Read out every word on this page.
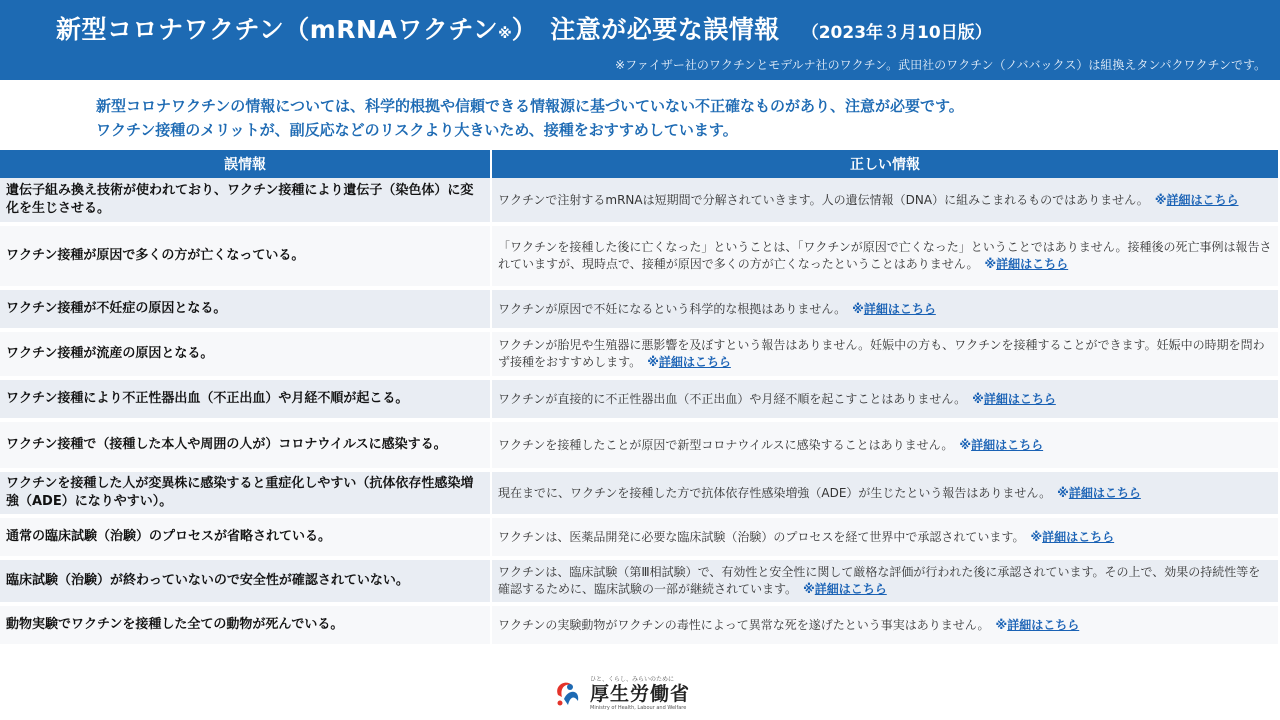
新型コロナワクチン（mRNAワクチン ※ ）　注意が必要な誤情報 （2023年３月10日版）
※ファイザー社のワクチンとモデルナ社のワクチン。武田社のワクチン（ノババックス）は組換えタンパクワクチンです。
新型コロナワクチンの情報については、科学的根拠や信頼できる情報源に基づいていない不正確なものがあり、注意が必要です。
ワクチン接種のメリットが、副反応などのリスクより大きいため、接種をおすすめしています。
誤情報	正しい情報
遺伝子組み換え技術が使われており、ワクチン接種により遺伝子（染色体）に変化を生じさせる。	ワクチンで注射するmRNAは短期間で分解されていきます。人の遺伝情報（DNA）に組みこまれるものではありません。　 ※詳細はこちら
ワクチン接種が原因で多くの方が亡くなっている。	「ワクチンを接種した後に亡くなった」ということは、「ワクチンが原因で亡くなった」ということではありません。接種後の死亡事例は報告されていますが、現時点で、接種が原因で多くの方が亡くなったということはありません。　 ※詳細はこちら
ワクチン接種が不妊症の原因となる。	ワクチンが原因で不妊になるという科学的な根拠はありません。　 ※詳細はこちら
ワクチン接種が流産の原因となる。	ワクチンが胎児や生殖器に悪影響を及ぼすという報告はありません。妊娠中の方も、ワクチンを接種することができます。妊娠中の時期を問わず接種をおすすめします。　 ※詳細はこちら
ワクチン接種により不正性器出血（不正出血）や月経不順が起こる。	ワクチンが直接的に不正性器出血（不正出血）や月経不順を起こすことはありません。　 ※詳細はこちら
ワクチン接種で（接種した本人や周囲の人が）コロナウイルスに感染する。	ワクチンを接種したことが原因で新型コロナウイルスに感染することはありません。　 ※詳細はこちら
ワクチンを接種した人が変異株に感染すると重症化しやすい（抗体依存性感染増強（ADE）になりやすい）。	現在までに、ワクチンを接種した方で抗体依存性感染増強（ADE）が生じたという報告はありません。　 ※詳細はこちら
通常の臨床試験（治験）のプロセスが省略されている。	ワクチンは、医薬品開発に必要な臨床試験（治験）のプロセスを経て世界中で承認されています。　 ※詳細はこちら
臨床試験（治験）が終わっていないので安全性が確認されていない。	ワクチンは、臨床試験（第Ⅲ相試験）で、有効性と安全性に関して厳格な評価が行われた後に承認されています。その上で、効果の持続性等を確認するために、臨床試験の一部が継続されています。　 ※詳細はこちら
動物実験でワクチンを接種した全ての動物が死んでいる。	ワクチンの実験動物がワクチンの毒性によって異常な死を遂げたという事実はありません。　 ※詳細はこちら
ひと、くらし、みらいのために
厚生労働省
Ministry of Health, Labour and Welfare
